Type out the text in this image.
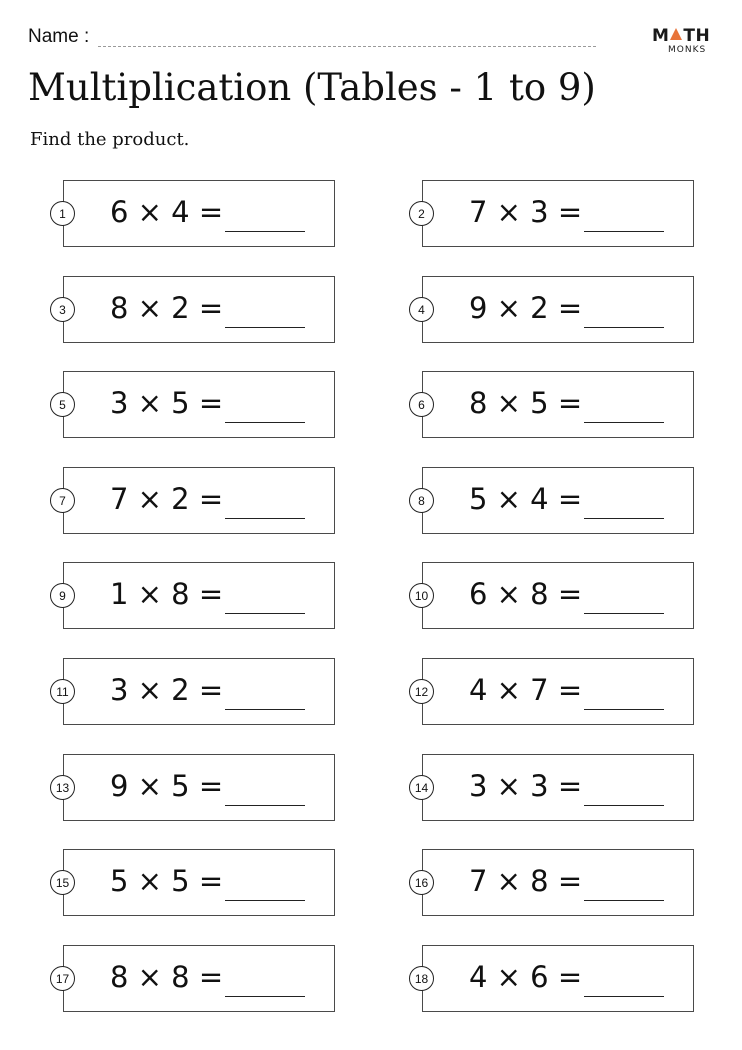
Name :	M TH
MONKS
Multiplication (Tables - 1 to 9)
Find the product.
6 × 4 =
1	7 × 3 =
2
8 × 2 =
3	9 × 2 =
4
3 × 5 =
5	8 × 5 =
6
7 × 2 =
7	5 × 4 =
8
1 × 8 =
9	6 × 8 =
10
3 × 2 =
11	4 × 7 =
12
9 × 5 =
13	3 × 3 =
14
5 × 5 =
15	7 × 8 =
16
8 × 8 =
17	4 × 6 =
18
